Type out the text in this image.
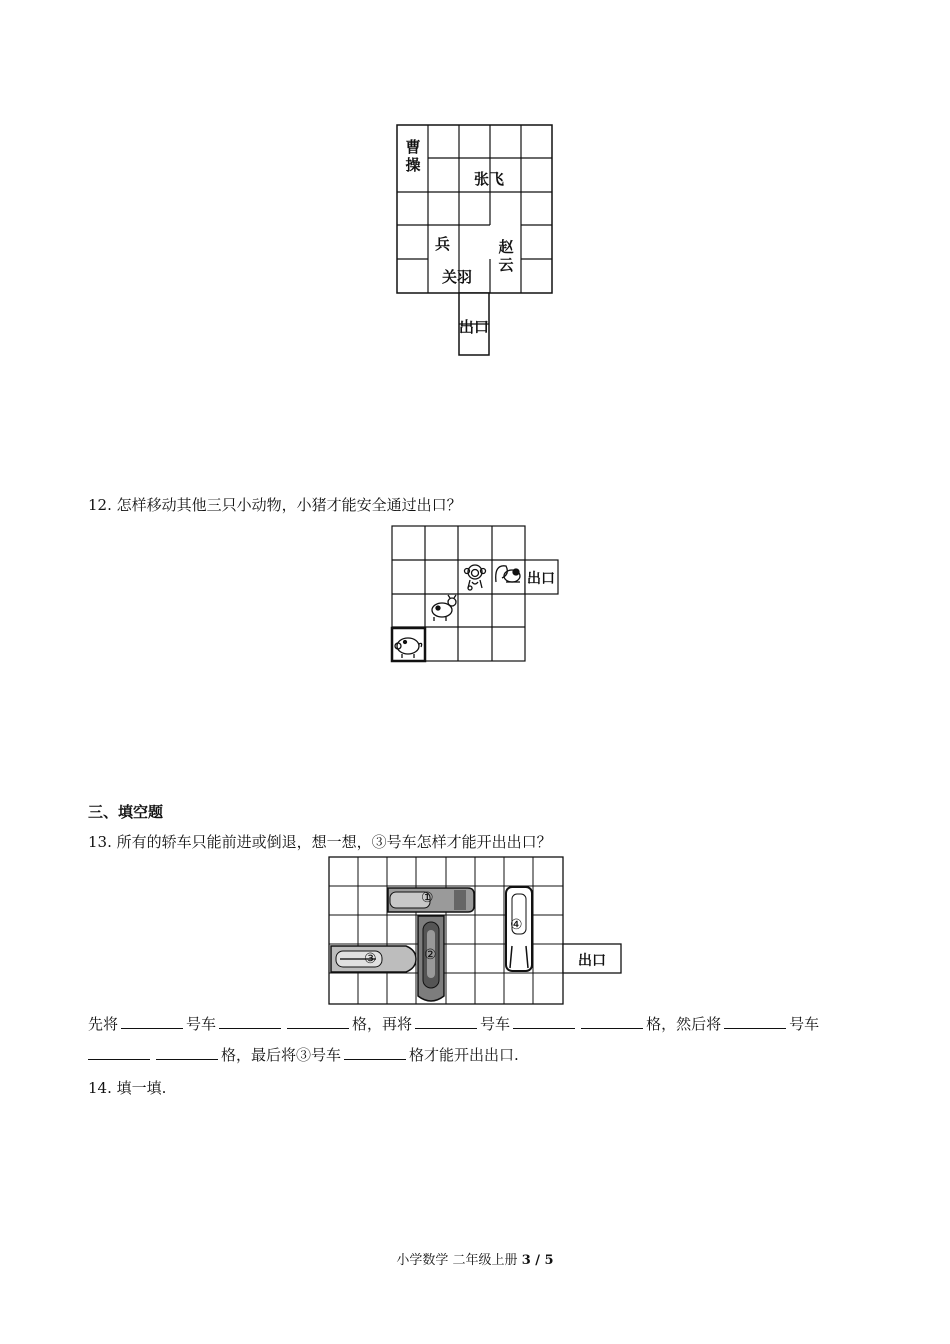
曹操
张飞
兵	赵云
关羽
出口
12. 怎样移动其他三只小动物，小猪才能安全通过出口？
出口
三、填空题
13. 所有的轿车只能前进或倒退，想一想，③号车怎样才能开出出口？
①
④
②
③	出口
先将	号车	格，再将	号车	格，然后将	号车
格，最后将③号车	格才能开出出口.
14. 填一填.
小学数学 二年级上册 3 / 5
